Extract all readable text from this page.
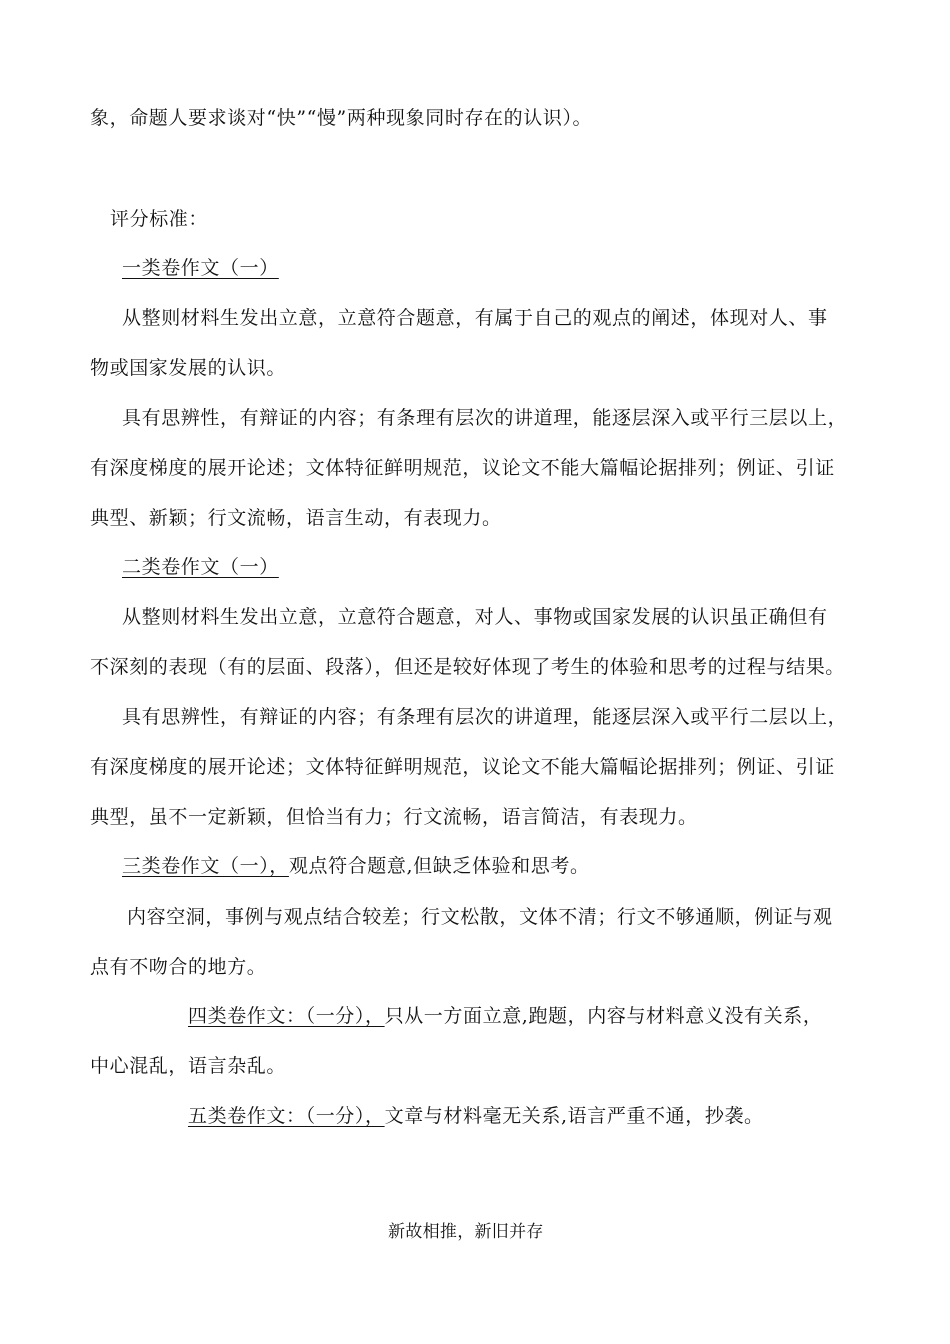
象，命题人要求谈对“快”“慢”两种现象同时存在的认识）。
评分标准：
一类卷作文（一）
从整则材料生发出立意，立意符合题意，有属于自己的观点的阐述，体现对人、事
物或国家发展的认识。
具有思辨性，有辩证的内容；有条理有层次的讲道理，能逐层深入或平行三层以上，
有深度梯度的展开论述；文体特征鲜明规范，议论文不能大篇幅论据排列；例证、引证
典型、新颖；行文流畅，语言生动，有表现力。
二类卷作文（一）
从整则材料生发出立意，立意符合题意，对人、事物或国家发展的认识虽正确但有
不深刻的表现（有的层面、段落），但还是较好体现了考生的体验和思考的过程与结果。
具有思辨性，有辩证的内容；有条理有层次的讲道理，能逐层深入或平行二层以上，
有深度梯度的展开论述；文体特征鲜明规范，议论文不能大篇幅论据排列；例证、引证
典型，虽不一定新颖，但恰当有力；行文流畅，语言简洁，有表现力。
三类卷作文（一），观点符合题意,但缺乏体验和思考。
内容空洞，事例与观点结合较差；行文松散，文体不清；行文不够通顺，例证与观
点有不吻合的地方。
四类卷作文：（一分），只从一方面立意,跑题，内容与材料意义没有关系，
中心混乱，语言杂乱。
五类卷作文：（一分），文章与材料毫无关系,语言严重不通，抄袭。
新故相推，新旧并存
